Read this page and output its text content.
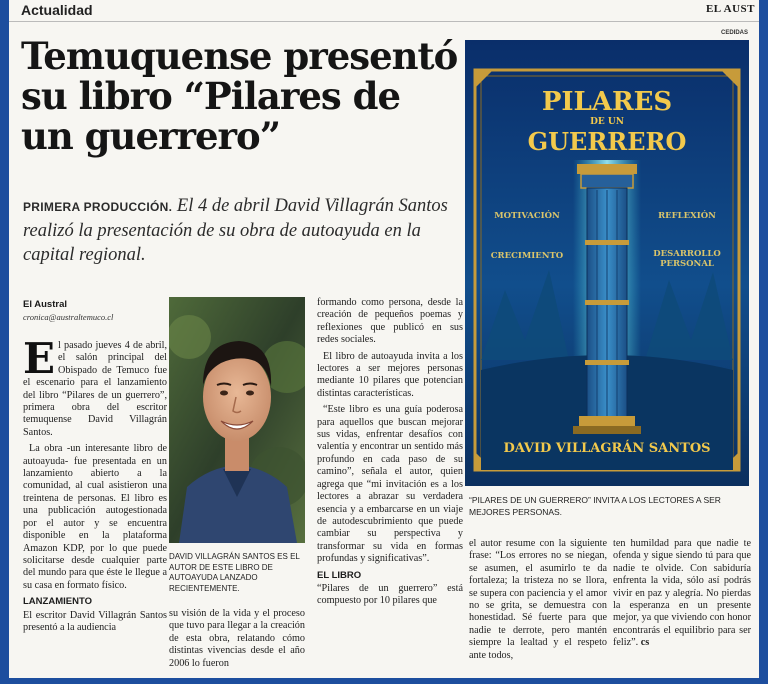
Actualidad	EL AUST
Temuquense presentó su libro “Pilares de un guerrero”
PRIMERA PRODUCCIÓN. El 4 de abril David Villagrán Santos realizó la presentación de su obra de autoayuda en la capital regional.
El Austral
cronica@australtemuco.cl

El pasado jueves 4 de abril, el salón principal del Obispado de Temuco fue el escenario para el lanzamiento del libro “Pilares de un guerrero”, primera obra del escritor temuquense David Villagrán Santos.

La obra -un interesante libro de autoayuda- fue presentada en un lanzamiento abierto a la comunidad, al cual asistieron una treintena de personas. El libro es una publicación autogestionada por el autor y se encuentra disponible en la plataforma Amazon KDP, por lo que puede solicitarse desde cualquier parte del mundo para que éste le llegue a su casa en formato físico.

LANZAMIENTO

El escritor David Villagrán Santos presentó a la audiencia

DAVID VILLAGRÁN SANTOS ES EL AUTOR DE ESTE LIBRO DE AUTOAYUDA LANZADO RECIENTEMENTE.

su visión de la vida y el proceso que tuvo para llegar a la creación de esta obra, relatando cómo distintas vivencias desde el año 2006 lo fueron

formando como persona, desde la creación de pequeños poemas y reflexiones que publicó en sus redes sociales.

El libro de autoayuda invita a los lectores a ser mejores personas mediante 10 pilares que potencian distintas características.

“Este libro es una guía poderosa para aquellos que buscan mejorar sus vidas, enfrentar desafíos con valentía y encontrar un sentido más profundo en cada paso de su camino”, señala el autor, quien agrega que “mi invitación es a los lectores a abrazar su verdadera esencia y a embarcarse en un viaje de autodescubrimiento que puede cambiar su perspectiva y transformar su vida en formas profundas y significativas”.

EL LIBRO

“Pilares de un guerrero” está compuesto por 10 pilares que

CEDIDAS
PILARES
DE UN
GUERRERO
MOTIVACIÓN	REFLEXIÓN
CRECIMIENTO	DESARROLLO
PERSONAL
DAVID VILLAGRÁN SANTOS
“PILARES DE UN GUERRERO” INVITA A LOS LECTORES A SER MEJORES PERSONAS.

el autor resume con la siguiente frase: “Los errores no se niegan, se asumen, el asumirlo te da fortaleza; la tristeza no se llora, se supera con paciencia y el amor no se grita, se demuestra con honestidad. Sé fuerte para que nadie te derrote, pero mantén siempre la lealtad y el respeto ante todos,

ten humildad para que nadie te ofenda y sigue siendo tú para que nadie te olvide. Con sabiduría enfrenta la vida, sólo así podrás vivir en paz y alegría. No pierdas la esperanza en un presente mejor, ya que viviendo con honor encontrarás el equilibrio para ser feliz”. cs
